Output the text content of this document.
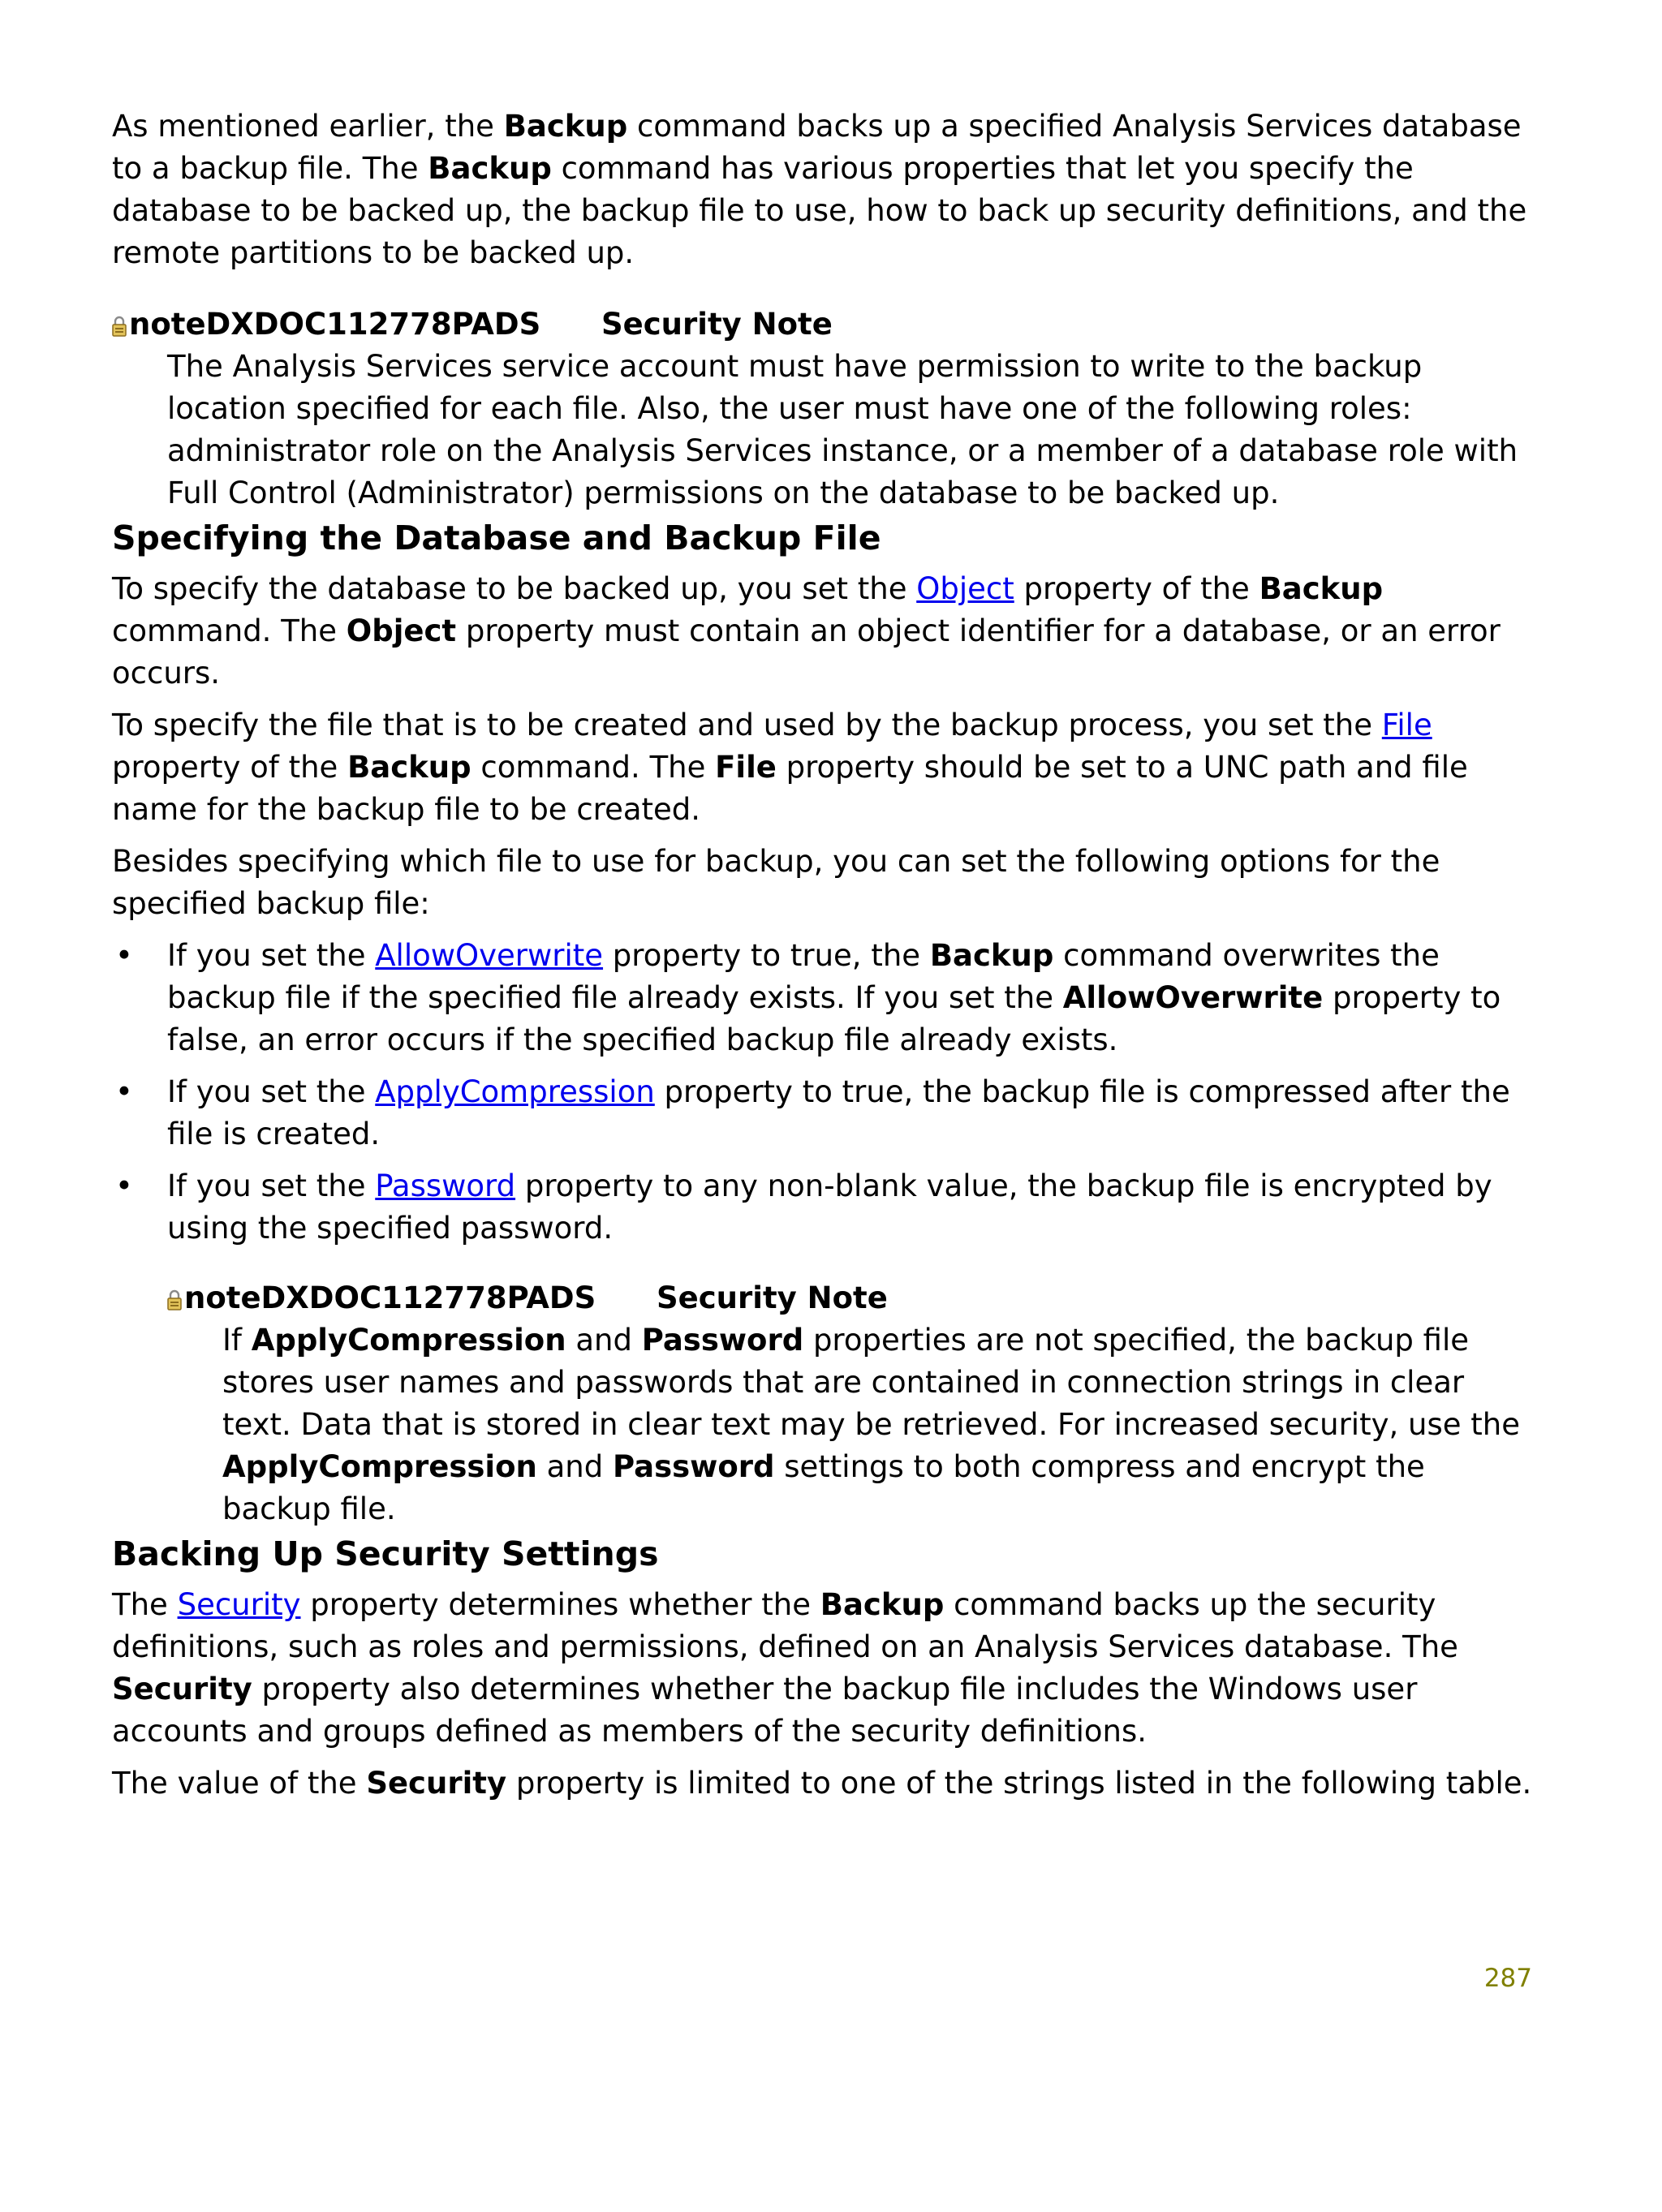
As mentioned earlier, the Backup command backs up a specified Analysis Services database to a backup file. The Backup command has various properties that let you specify the database to be backed up, the backup file to use, how to back up security definitions, and the remote partitions to be backed up.

noteDXDOC112778PADS	Security Note

The Analysis Services service account must have permission to write to the backup location specified for each file. Also, the user must have one of the following roles: administrator role on the Analysis Services instance, or a member of a database role with Full Control (Administrator) permissions on the database to be backed up.

Specifying the Database and Backup File

To specify the database to be backed up, you set the Object property of the Backup command. The Object property must contain an object identifier for a database, or an error occurs.

To specify the file that is to be created and used by the backup process, you set the File property of the Backup command. The File property should be set to a UNC path and file name for the backup file to be created.

Besides specifying which file to use for backup, you can set the following options for the specified backup file:

• If you set the AllowOverwrite property to true, the Backup command overwrites the backup file if the specified file already exists. If you set the AllowOverwrite property to false, an error occurs if the specified backup file already exists.
• If you set the ApplyCompression property to true, the backup file is compressed after the file is created.
• If you set the Password property to any non-blank value, the backup file is encrypted by using the specified password.
noteDXDOC112778PADS	Security Note

If ApplyCompression and Password properties are not specified, the backup file stores user names and passwords that are contained in connection strings in clear text. Data that is stored in clear text may be retrieved. For increased security, use the ApplyCompression and Password settings to both compress and encrypt the backup file.

Backing Up Security Settings

The Security property determines whether the Backup command backs up the security definitions, such as roles and permissions, defined on an Analysis Services database. The Security property also determines whether the backup file includes the Windows user accounts and groups defined as members of the security definitions.

The value of the Security property is limited to one of the strings listed in the following table.

287
